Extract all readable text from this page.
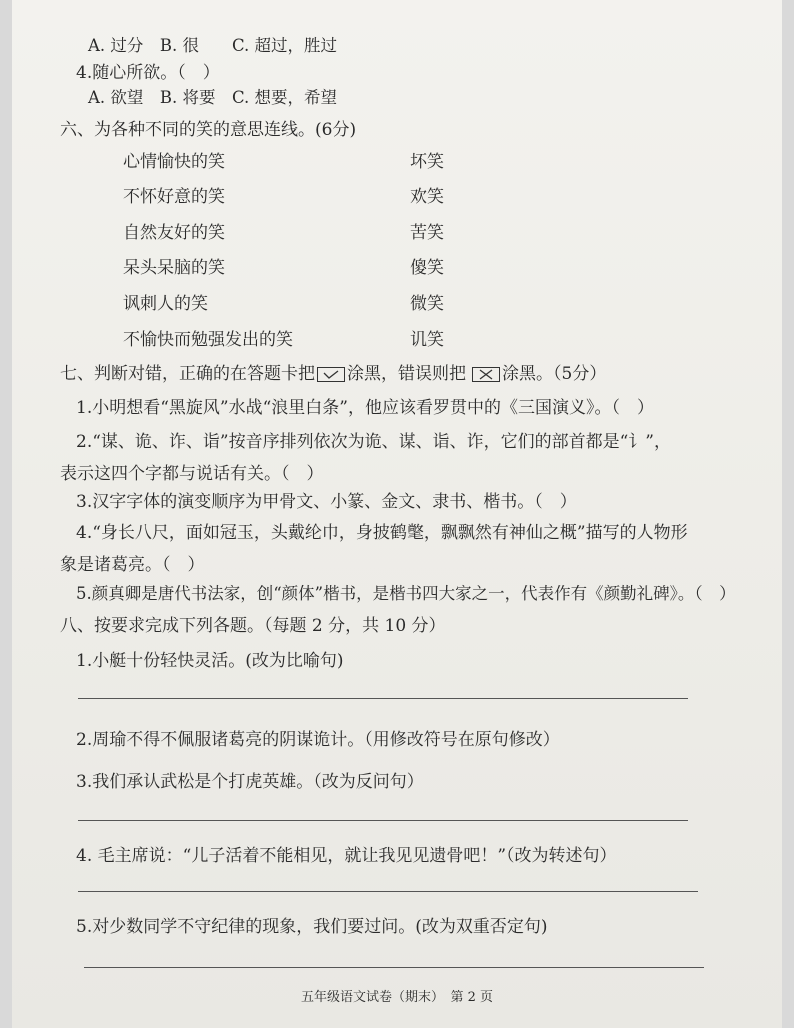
A. 过分　B. 很　　C. 超过，胜过
4.随心所欲。（　）
A. 欲望　B. 将要　C. 想要，希望
六、为各种不同的笑的意思连线。(6分)
心情愉快的笑
不怀好意的笑
自然友好的笑
呆头呆脑的笑
讽刺人的笑
不愉快而勉强发出的笑
坏笑
欢笑
苦笑
傻笑
微笑
讥笑
七、判断对错，正确的在答题卡把 涂黑，错误则把 ☒ 涂黑。（5分）
1.小明想看“黑旋风”水战“浪里白条”，他应该看罗贯中的《三国演义》。（　）
2.“谋、诡、诈、诣”按音序排列依次为诡、谋、诣、诈，它们的部首都是“讠”，
表示这四个字都与说话有关。（　）
3.汉字字体的演变顺序为甲骨文、小篆、金文、隶书、楷书。（　）
4.“身长八尺，面如冠玉，头戴纶巾，身披鹤氅，飘飘然有神仙之概”描写的人物形
象是诸葛亮。（　）
5.颜真卿是唐代书法家，创“颜体”楷书，是楷书四大家之一，代表作有《颜勤礼碑》。（　）
八、按要求完成下列各题。（每题 2 分，共 10 分）
1.小艇十份轻快灵活。(改为比喻句)
2.周瑜不得不佩服诸葛亮的阴谋诡计。（用修改符号在原句修改）
3.我们承认武松是个打虎英雄。（改为反问句）
4. 毛主席说：“儿子活着不能相见，就让我见见遗骨吧！”（改为转述句）
5.对少数同学不守纪律的现象，我们要过问。(改为双重否定句)
五年级语文试卷（期末）　第 2 页
